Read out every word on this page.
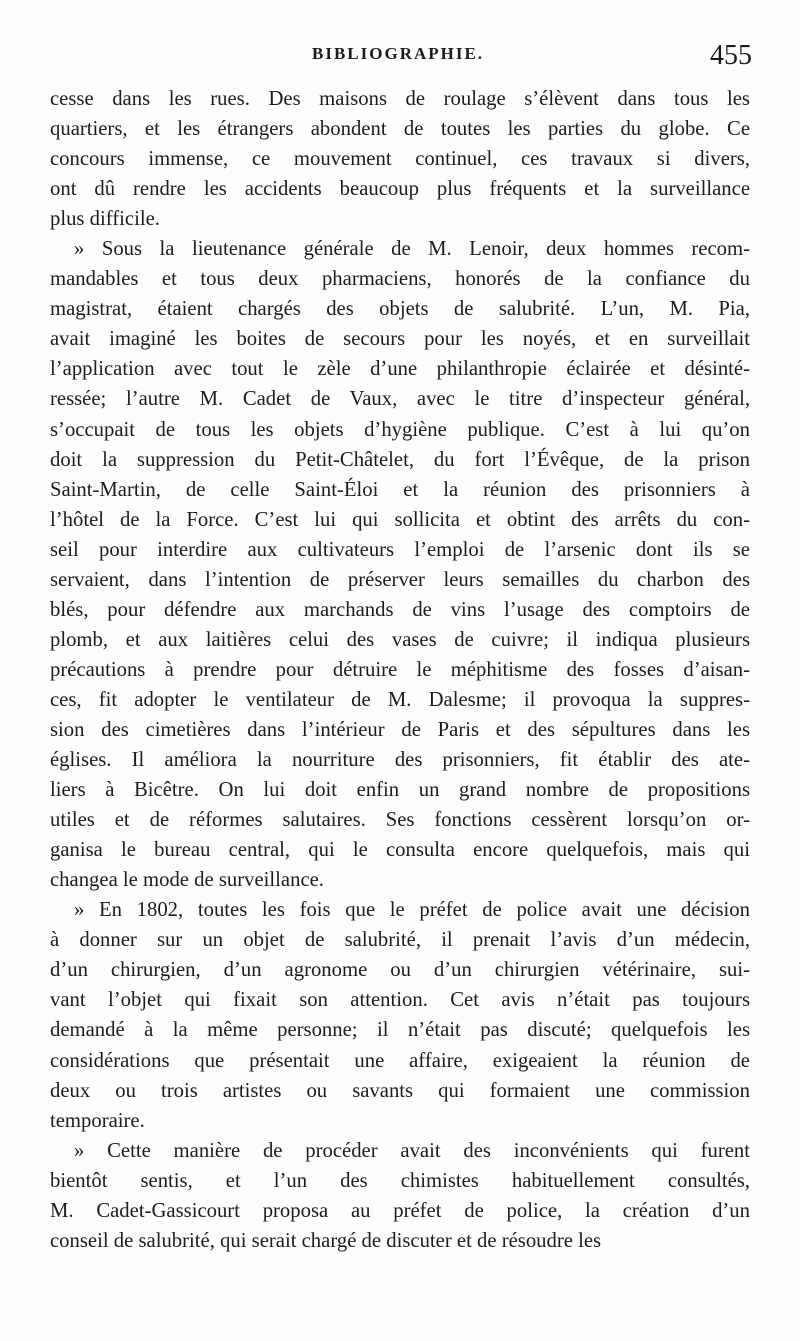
BIBLIOGRAPHIE.	455
cesse dans les rues. Des maisons de roulage s’élèvent dans tous les
quartiers, et les étrangers abondent de toutes les parties du globe. Ce
concours immense, ce mouvement continuel, ces travaux si divers,
ont dû rendre les accidents beaucoup plus fréquents et la surveillance
plus difficile.
» Sous la lieutenance générale de M. Lenoir, deux hommes recom-
mandables et tous deux pharmaciens, honorés de la confiance du
magistrat, étaient chargés des objets de salubrité. L’un, M. Pia,
avait imaginé les boites de secours pour les noyés, et en surveillait
l’application avec tout le zèle d’une philanthropie éclairée et désinté-
ressée; l’autre M. Cadet de Vaux, avec le titre d’inspecteur général,
s’occupait de tous les objets d’hygiène publique. C’est à lui qu’on
doit la suppression du Petit-Châtelet, du fort l’Évêque, de la prison
Saint-Martin, de celle Saint-Éloi et la réunion des prisonniers à
l’hôtel de la Force. C’est lui qui sollicita et obtint des arrêts du con-
seil pour interdire aux cultivateurs l’emploi de l’arsenic dont ils se
servaient, dans l’intention de préserver leurs semailles du charbon des
blés, pour défendre aux marchands de vins l’usage des comptoirs de
plomb, et aux laitières celui des vases de cuivre; il indiqua plusieurs
précautions à prendre pour détruire le méphitisme des fosses d’aisan-
ces, fit adopter le ventilateur de M. Dalesme; il provoqua la suppres-
sion des cimetières dans l’intérieur de Paris et des sépultures dans les
églises. Il améliora la nourriture des prisonniers, fit établir des ate-
liers à Bicêtre. On lui doit enfin un grand nombre de propositions
utiles et de réformes salutaires. Ses fonctions cessèrent lorsqu’on or-
ganisa le bureau central, qui le consulta encore quelquefois, mais qui
changea le mode de surveillance.
» En 1802, toutes les fois que le préfet de police avait une décision
à donner sur un objet de salubrité, il prenait l’avis d’un médecin,
d’un chirurgien, d’un agronome ou d’un chirurgien vétérinaire, sui-
vant l’objet qui fixait son attention. Cet avis n’était pas toujours
demandé à la même personne; il n’était pas discuté; quelquefois les
considérations que présentait une affaire, exigeaient la réunion de
deux ou trois artistes ou savants qui formaient une commission
temporaire.
» Cette manière de procéder avait des inconvénients qui furent
bientôt sentis, et l’un des chimistes habituellement consultés,
M. Cadet-Gassicourt proposa au préfet de police, la création d’un
conseil de salubrité, qui serait chargé de discuter et de résoudre les
